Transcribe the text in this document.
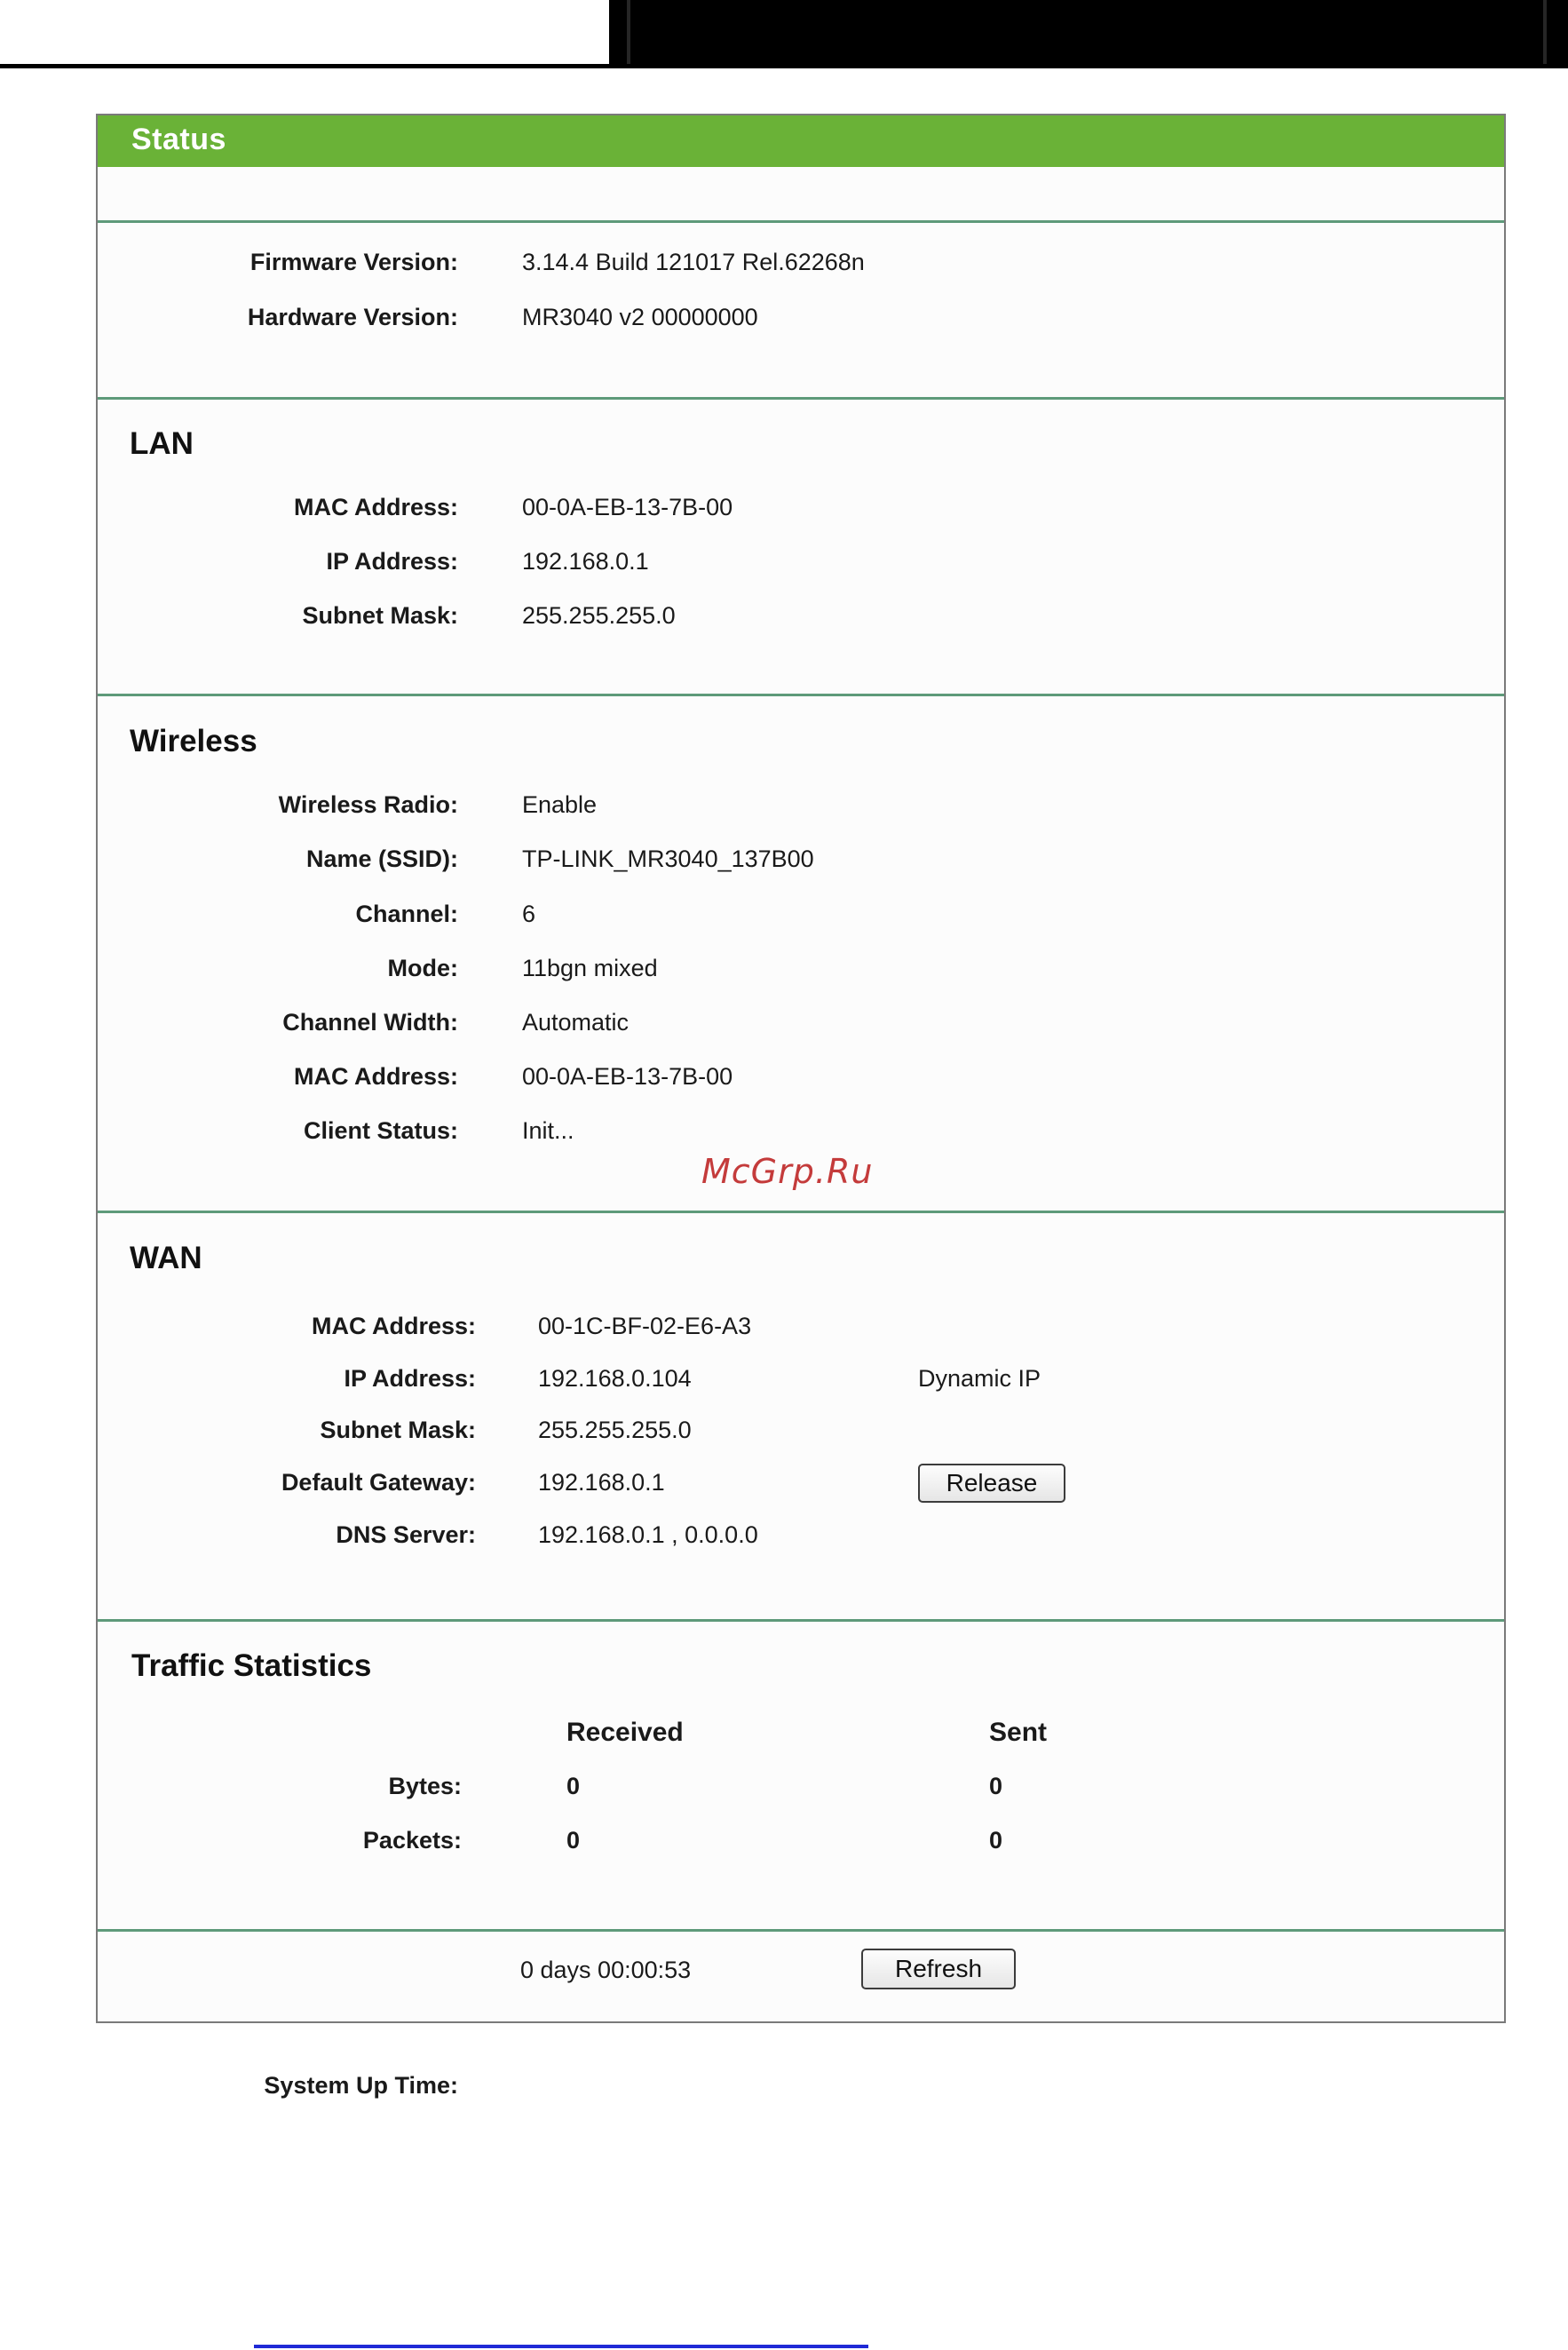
Status
Firmware Version:	3.14.4 Build 121017 Rel.62268n
Hardware Version:	MR3040 v2 00000000
LAN
MAC Address:	00-0A-EB-13-7B-00
IP Address:	192.168.0.1
Subnet Mask:	255.255.255.0
Wireless
Wireless Radio:	Enable
Name (SSID):	TP-LINK_MR3040_137B00
Channel:	6
Mode:	11bgn mixed
Channel Width:	Automatic
MAC Address:	00-0A-EB-13-7B-00
Client Status:	Init...
WAN
MAC Address:	00-1C-BF-02-E6-A3
IP Address:	192.168.0.104	Dynamic IP
Subnet Mask:	255.255.255.0
Default Gateway:	192.168.0.1	Release
DNS Server:	192.168.0.1 , 0.0.0.0
Traffic Statistics
Received	Sent
Bytes:	0	0
Packets:	0	0
System Up Time:
0 days 00:00:53	Refresh
McGrp.Ru
